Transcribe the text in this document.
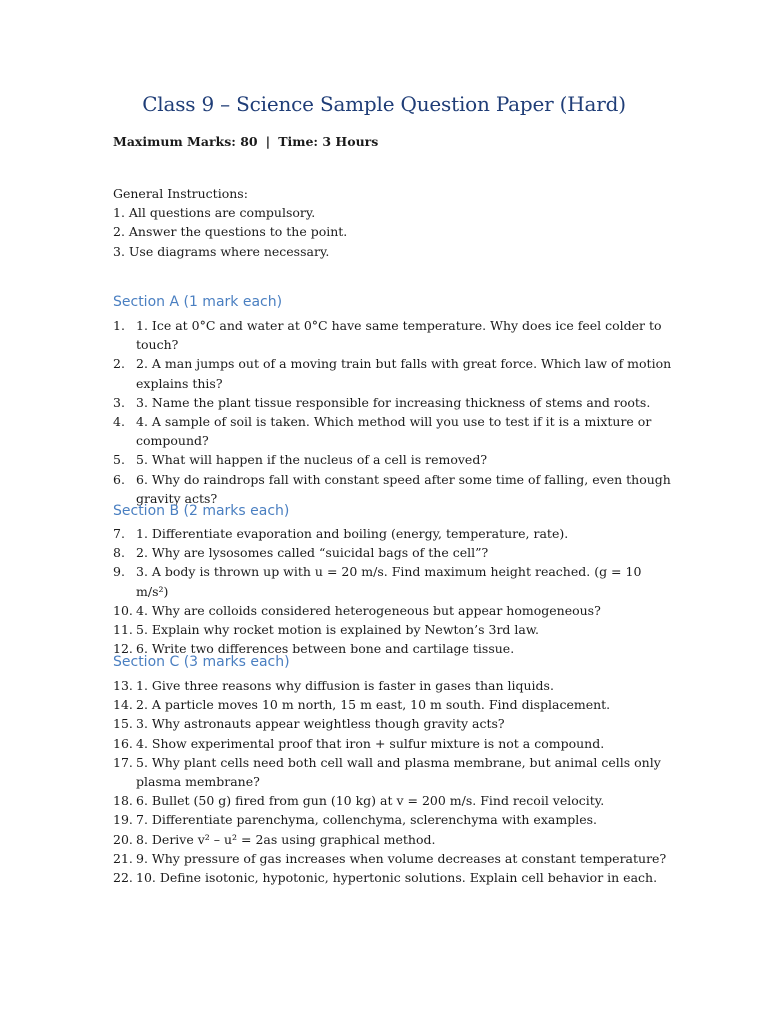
Class 9 – Science Sample Question Paper (Hard)
Maximum Marks: 80 | Time: 3 Hours
General Instructions:
1. All questions are compulsory.
2. Answer the questions to the point.
3. Use diagrams where necessary.
Section A (1 mark each)
1. 1. Ice at 0°C and water at 0°C have same temperature. Why does ice feel colder to touch?
2. 2. A man jumps out of a moving train but falls with great force. Which law of motion explains this?
3. 3. Name the plant tissue responsible for increasing thickness of stems and roots.
4. 4. A sample of soil is taken. Which method will you use to test if it is a mixture or compound?
5. 5. What will happen if the nucleus of a cell is removed?
6. 6. Why do raindrops fall with constant speed after some time of falling, even though gravity acts?
Section B (2 marks each)
7. 1. Differentiate evaporation and boiling (energy, temperature, rate).
8. 2. Why are lysosomes called “suicidal bags of the cell”?
9. 3. A body is thrown up with u = 20 m/s. Find maximum height reached. (g = 10 m/s²)
10. 4. Why are colloids considered heterogeneous but appear homogeneous?
11. 5. Explain why rocket motion is explained by Newton’s 3rd law.
12. 6. Write two differences between bone and cartilage tissue.
Section C (3 marks each)
13. 1. Give three reasons why diffusion is faster in gases than liquids.
14. 2. A particle moves 10 m north, 15 m east, 10 m south. Find displacement.
15. 3. Why astronauts appear weightless though gravity acts?
16. 4. Show experimental proof that iron + sulfur mixture is not a compound.
17. 5. Why plant cells need both cell wall and plasma membrane, but animal cells only plasma membrane?
18. 6. Bullet (50 g) fired from gun (10 kg) at v = 200 m/s. Find recoil velocity.
19. 7. Differentiate parenchyma, collenchyma, sclerenchyma with examples.
20. 8. Derive v² – u² = 2as using graphical method.
21. 9. Why pressure of gas increases when volume decreases at constant temperature?
22. 10. Define isotonic, hypotonic, hypertonic solutions. Explain cell behavior in each.
